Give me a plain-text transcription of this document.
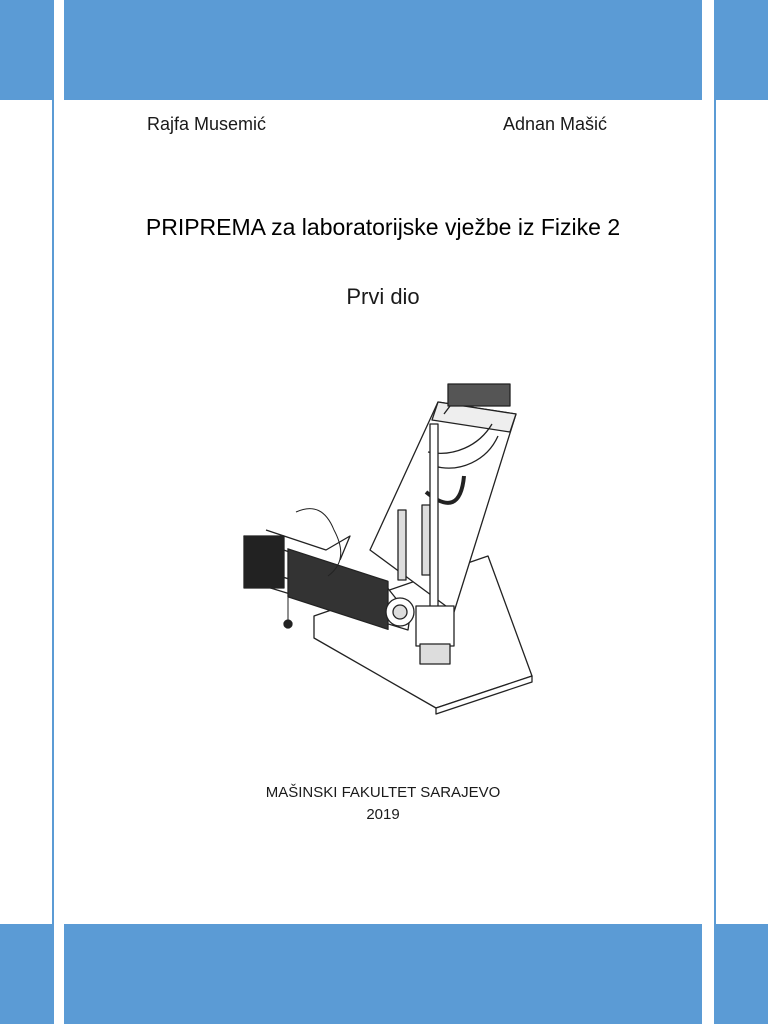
Rajfa Musemić	Adnan Mašić
PRIPREMA za laboratorijske vježbe iz Fizike 2
Prvi dio
MAŠINSKI FAKULTET SARAJEVO
2019
